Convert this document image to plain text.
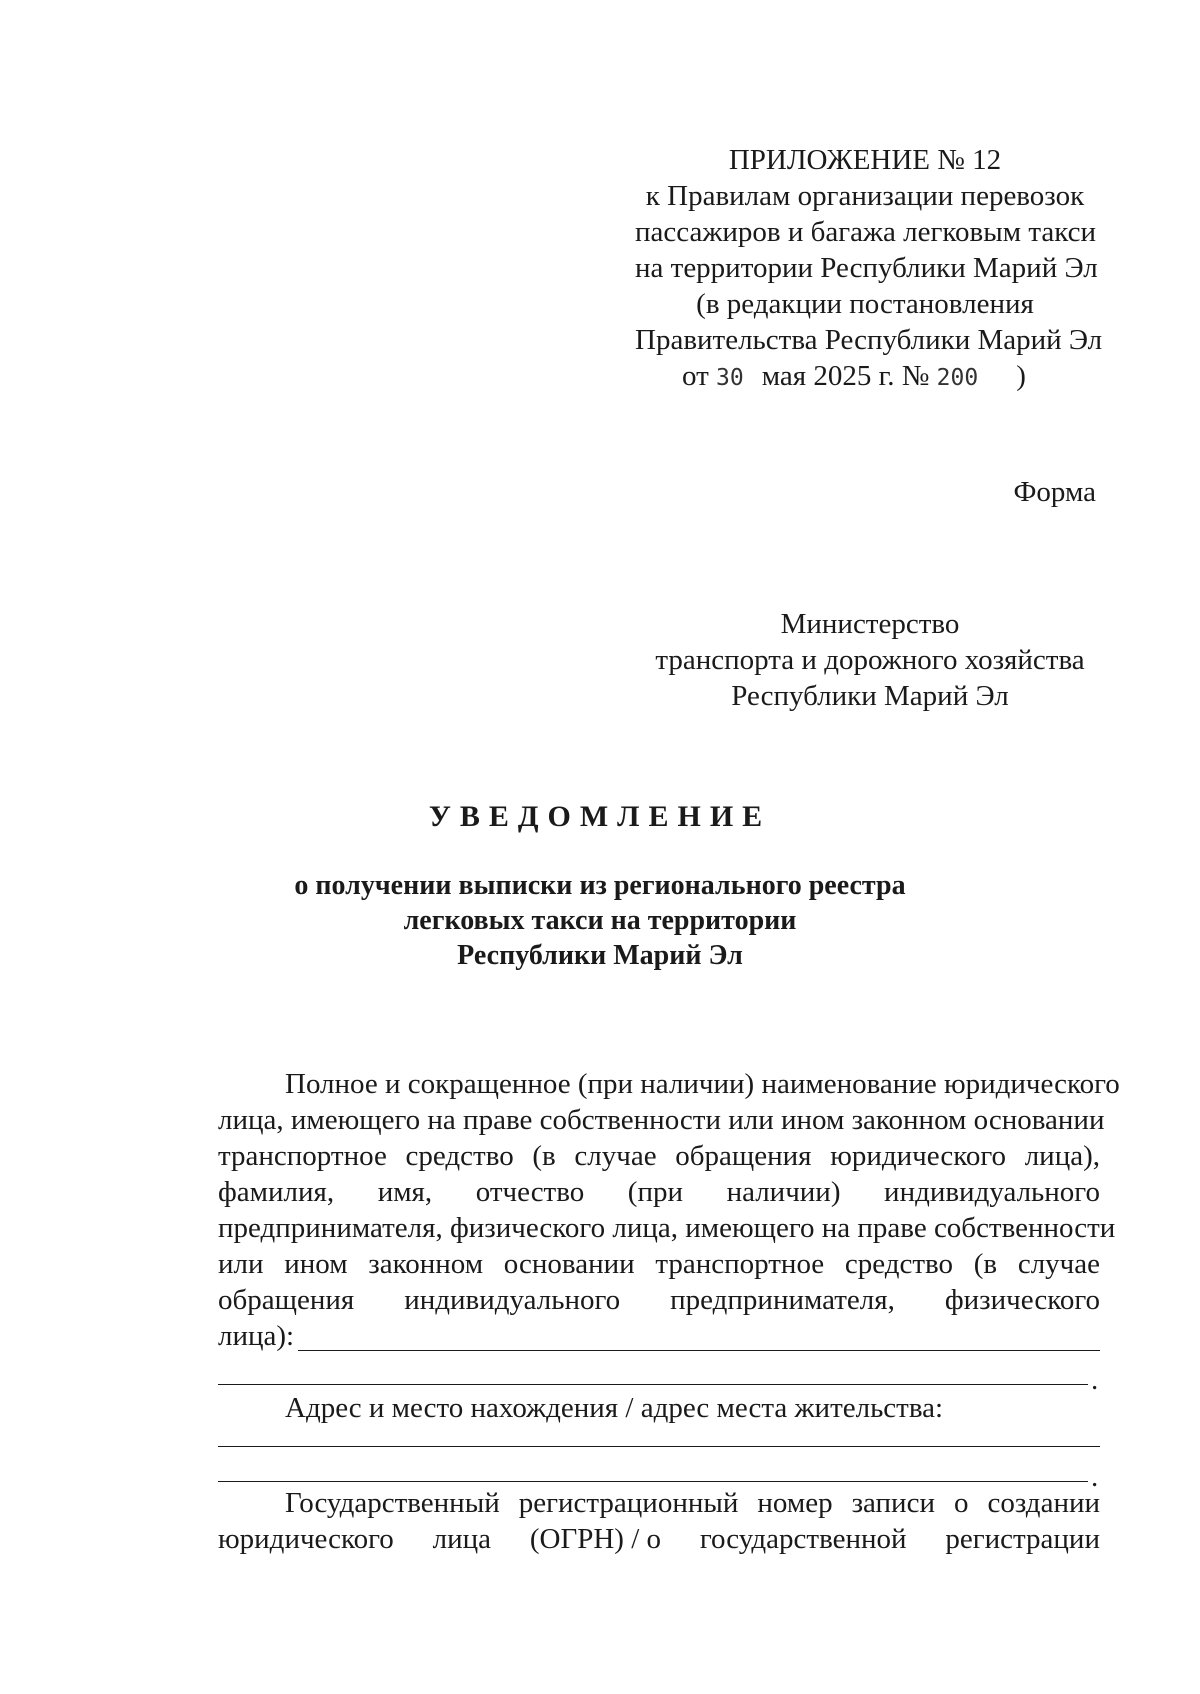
ПРИЛОЖЕНИЕ № 12
к Правилам организации перевозок
пассажиров и багажа легковым такси
на территории Республики Марий Эл
(в редакции постановления
Правительства Республики Марий Эл
от 30 мая 2025 г. № 200 )
Форма
Министерство
транспорта и дорожного хозяйства
Республики Марий Эл
УВЕДОМЛЕНИЕ
о получении выписки из регионального реестра
легковых такси на территории
Республики Марий Эл
Полное и сокращенное (при наличии) наименование юридического
лица, имеющего на праве собственности или ином законном основании
транспортное средство (в случае обращения юридического лица),
фамилия, имя, отчество (при наличии) индивидуального
предпринимателя, физического лица, имеющего на праве собственности
или ином законном основании транспортное средство (в случае
обращения индивидуального предпринимателя, физического
лица):
.
Адрес и место нахождения / адрес места жительства:
.
Государственный регистрационный номер записи о создании
юридического лица (ОГРН) / о государственной регистрации
